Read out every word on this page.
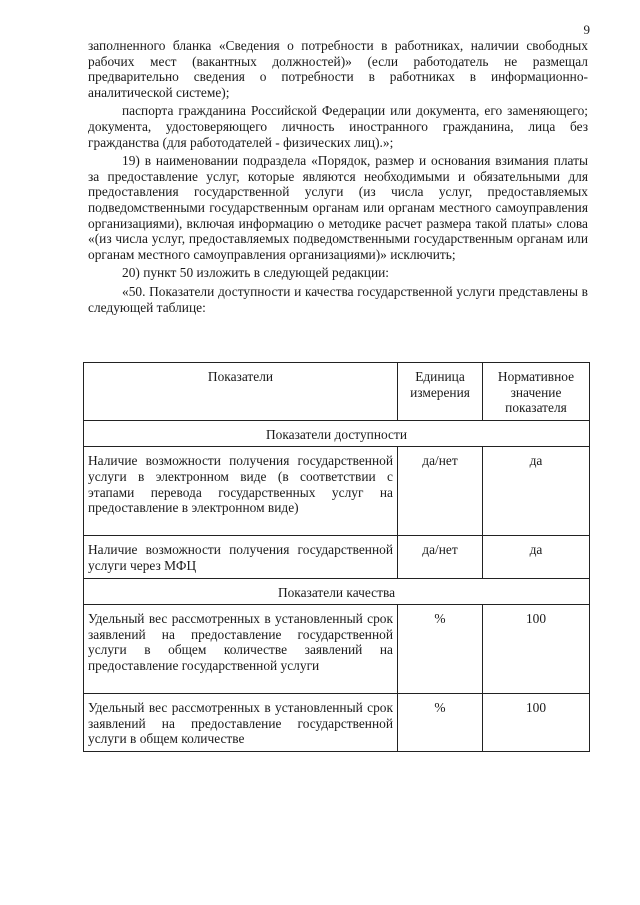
9

заполненного бланка «Сведения о потребности в работниках, наличии свободных рабочих мест (вакантных должностей)» (если работодатель не размещал предварительно сведения о потребности в работниках в информационно-аналитической системе);

паспорта гражданина Российской Федерации или документа, его заменяющего; документа, удостоверяющего личность иностранного гражданина, лица без гражданства (для работодателей - физических лиц).»;

19) в наименовании подраздела «Порядок, размер и основания взимания платы за предоставление услуг, которые являются необходимыми и обязательными для предоставления государственной услуги (из числа услуг, предоставляемых подведомственными государственным органам или органам местного самоуправления организациями), включая информацию о методике расчет размера такой платы» слова «(из числа услуг, предоставляемых подведомственными государственным органам или органам местного самоуправления организациями)» исключить;

20) пункт 50 изложить в следующей редакции:

«50. Показатели доступности и качества государственной услуги представлены в следующей таблице:

Показатели	Единица измерения	Нормативное значение показателя
Показатели доступности		
Наличие возможности получения государственной услуги в электронном виде (в соответствии с этапами перевода государственных услуг на предоставление в электронном виде)	да/нет	да
Наличие возможности получения государственной услуги через МФЦ	да/нет	да
Показатели качества		
Удельный вес рассмотренных в установленный срок заявлений на предоставление государственной услуги в общем количестве заявлений на предоставление государственной услуги	%	100
Удельный вес рассмотренных в установленный срок заявлений на предоставление государственной услуги в общем количестве	%	100
